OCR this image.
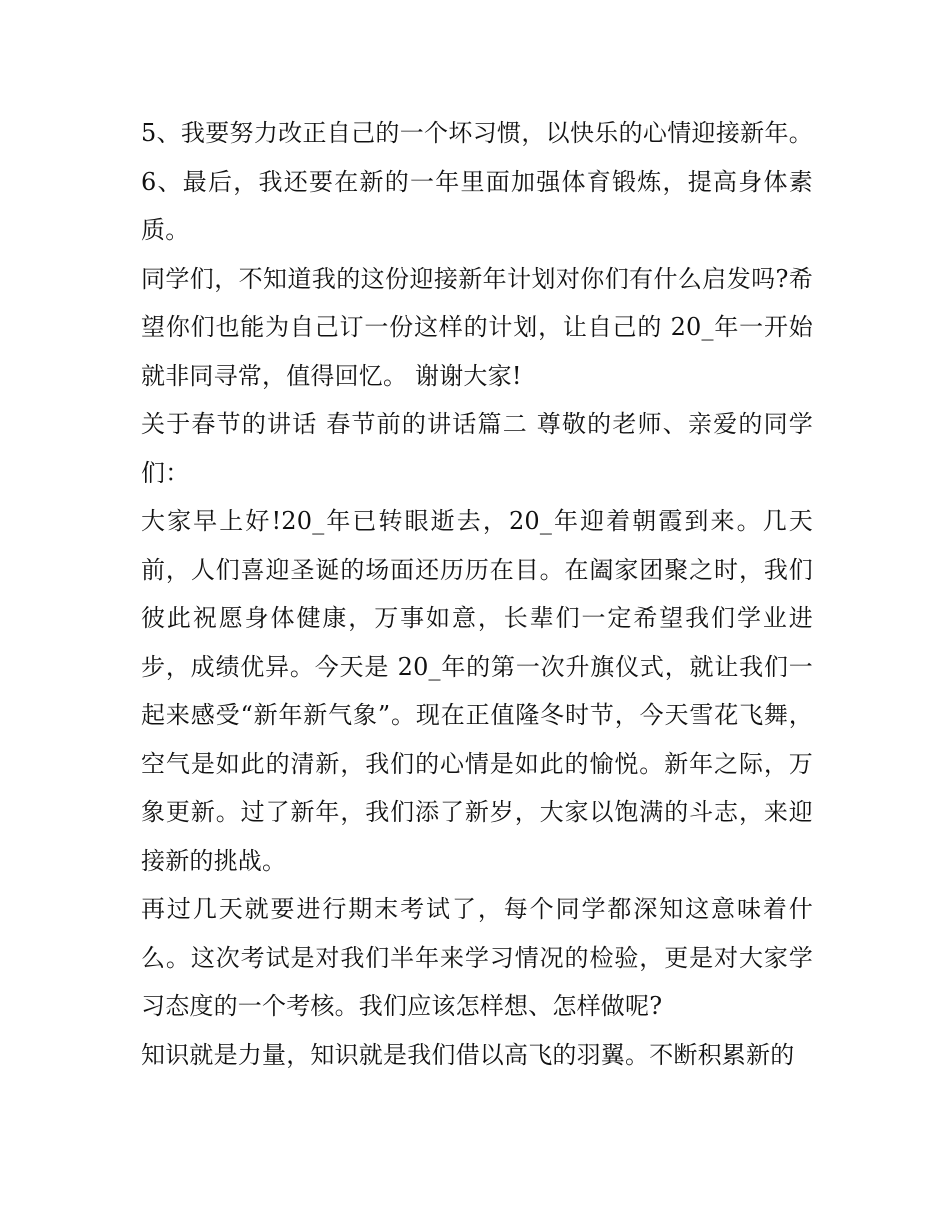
5、我要努力改正自己的一个坏习惯，以快乐的心情迎接新年。 6、最后，我还要在新的一年里面加强体育锻炼，提高身体素质。

同学们，不知道我的这份迎接新年计划对你们有什么启发吗?希望你们也能为自己订一份这样的计划，让自己的 20_年一开始就非同寻常，值得回忆。 谢谢大家!

关于春节的讲话 春节前的讲话篇二 尊敬的老师、亲爱的同学们：

大家早上好!20_年已转眼逝去，20_年迎着朝霞到来。几天前，人们喜迎圣诞的场面还历历在目。在阖家团聚之时，我们彼此祝愿身体健康，万事如意，长辈们一定希望我们学业进步，成绩优异。今天是 20_年的第一次升旗仪式，就让我们一起来感受“新年新气象”。现在正值隆冬时节，今天雪花飞舞，空气是如此的清新，我们的心情是如此的愉悦。新年之际，万象更新。过了新年，我们添了新岁，大家以饱满的斗志，来迎接新的挑战。

再过几天就要进行期末考试了，每个同学都深知这意味着什么。这次考试是对我们半年来学习情况的检验，更是对大家学习态度的一个考核。我们应该怎样想、怎样做呢?

知识就是力量，知识就是我们借以高飞的羽翼。不断积累新的
